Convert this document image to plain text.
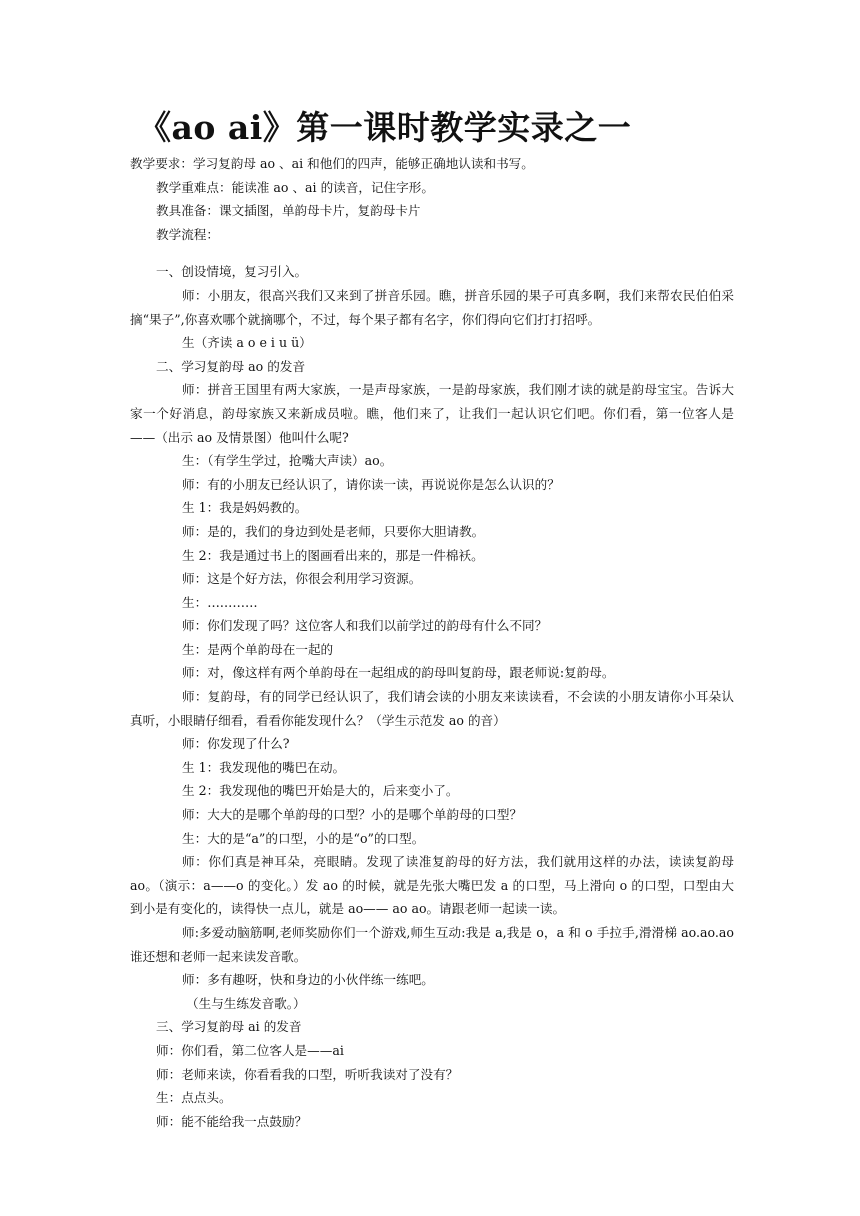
《ao ai》第一课时教学实录之一
教学要求：学习复韵母 ao 、ai 和他们的四声，能够正确地认读和书写。
教学重难点：能读准 ao 、ai 的读音，记住字形。
教具准备：课文插图，单韵母卡片，复韵母卡片
教学流程：
一、创设情境，复习引入。
师：小朋友，很高兴我们又来到了拼音乐园。瞧，拼音乐园的果子可真多啊，我们来帮农民伯伯采摘“果子”,你喜欢哪个就摘哪个，不过，每个果子都有名字，你们得向它们打打招呼。
生（齐读 a o e i u ü）
二、学习复韵母 ao 的发音
师：拼音王国里有两大家族，一是声母家族，一是韵母家族，我们刚才读的就是韵母宝宝。告诉大家一个好消息，韵母家族又来新成员啦。瞧，他们来了，让我们一起认识它们吧。你们看，第一位客人是——（出示 ao 及情景图）他叫什么呢?
生：（有学生学过，抢嘴大声读）ao。
师：有的小朋友已经认识了，请你读一读，再说说你是怎么认识的？
生 1：我是妈妈教的。
师：是的，我们的身边到处是老师，只要你大胆请教。
生 2：我是通过书上的图画看出来的，那是一件棉袄。
师：这是个好方法，你很会利用学习资源。
生：…………
师：你们发现了吗？这位客人和我们以前学过的韵母有什么不同？
生：是两个单韵母在一起的
师：对，像这样有两个单韵母在一起组成的韵母叫复韵母，跟老师说:复韵母。
师：复韵母，有的同学已经认识了，我们请会读的小朋友来读读看，不会读的小朋友请你小耳朵认真听，小眼睛仔细看，看看你能发现什么？（学生示范发 ao 的音）
师：你发现了什么?
生 1：我发现他的嘴巴在动。
生 2：我发现他的嘴巴开始是大的，后来变小了。
师：大大的是哪个单韵母的口型？小的是哪个单韵母的口型？
生：大的是“a”的口型，小的是“o”的口型。
师：你们真是神耳朵，亮眼睛。发现了读准复韵母的好方法，我们就用这样的办法，读读复韵母 ao。（演示：a——o 的变化。）发 ao 的时候，就是先张大嘴巴发 a 的口型，马上滑向 o 的口型，口型由大到小是有变化的，读得快一点儿，就是 ao—— ao ao。请跟老师一起读一读。
师:多爱动脑筋啊,老师奖励你们一个游戏,师生互动:我是 a,我是 o，a 和 o 手拉手,滑滑梯 ao.ao.ao 谁还想和老师一起来读发音歌。
师：多有趣呀，快和身边的小伙伴练一练吧。
（生与生练发音歌。）
三、学习复韵母 ai 的发音
师：你们看，第二位客人是——ai
师：老师来读，你看看我的口型，听听我读对了没有？
生：点点头。
师：能不能给我一点鼓励？
